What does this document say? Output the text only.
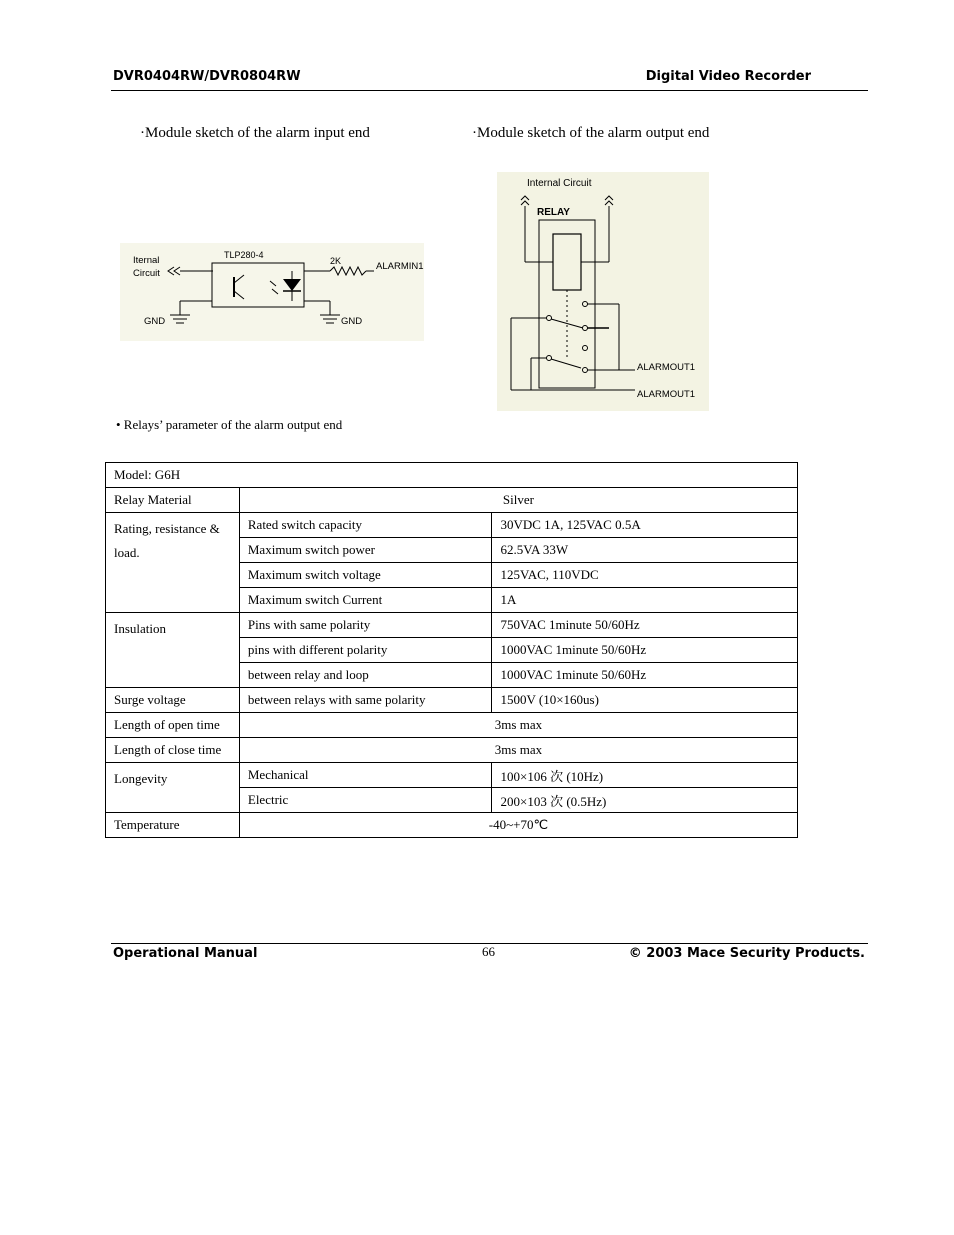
DVR0404RW/DVR0804RW	Digital Video Recorder
·Module sketch of the alarm input end	·Module sketch of the alarm output end
Iternal
Circuit
TLP280-4
2K	ALARMIN1
GND	GND
Internal Circuit
RELAY
ALARMOUT1
ALARMOUT1
• Relays’ parameter of the alarm output end
Model: G6H		
Relay Material	Silver	
Rating, resistance &
load.	Rated switch capacity	30VDC 1A, 125VAC 0.5A
	Maximum switch power	62.5VA 33W
	Maximum switch voltage	125VAC, 110VDC
	Maximum switch Current	1A
Insulation	Pins with same polarity	750VAC 1minute 50/60Hz
	pins with different polarity	1000VAC 1minute 50/60Hz
	between relay and loop	1000VAC 1minute 50/60Hz
Surge voltage	between relays with same polarity	1500V (10×160us)
Length of open time	3ms max	
Length of close time	3ms max	
Longevity	Mechanical	100×106 次 (10Hz)
	Electric	200×103 次 (0.5Hz)
Temperature	-40~+70℃	
Operational Manual	66	© 2003 Mace Security Products.
